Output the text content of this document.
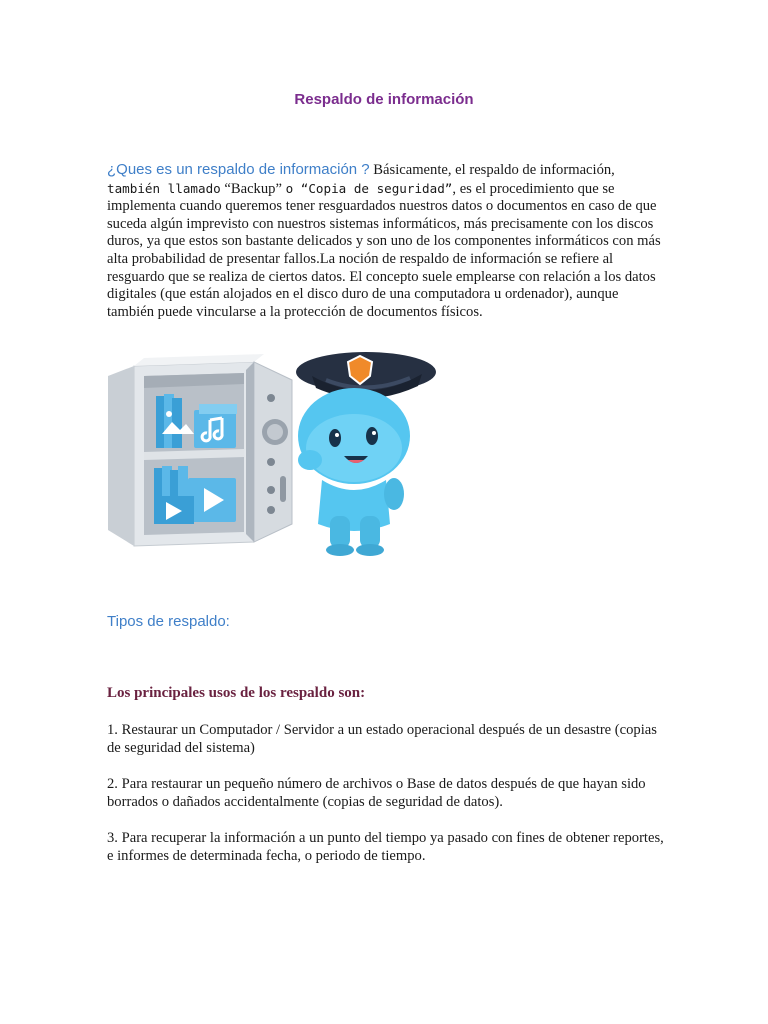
Respaldo de información

¿Ques es un respaldo de información ? Básicamente, el respaldo de información, también llamado “Backup” o “Copia de seguridad”, es el procedimiento que se implementa cuando queremos tener resguardados nuestros datos o documentos en caso de que suceda algún imprevisto con nuestros sistemas informáticos, más precisamente con los discos duros, ya que estos son bastante delicados y son uno de los componentes informáticos con más alta probabilidad de presentar fallos.La noción de respaldo de información se refiere al resguardo que se realiza de ciertos datos. El concepto suele emplearse con relación a los datos digitales (que están alojados en el disco duro de una computadora u ordenador), aunque también puede vincularse a la protección de documentos físicos.

Tipos de respaldo:
Los principales usos de los respaldo son:
1. Restaurar un Computador / Servidor a un estado operacional después de un desastre (copias de seguridad del sistema)
2. Para restaurar un pequeño número de archivos o Base de datos después de que hayan sido borrados o dañados accidentalmente (copias de seguridad de datos).
3. Para recuperar la información a un punto del tiempo ya pasado con fines de obtener reportes, e informes de determinada fecha, o periodo de tiempo.
